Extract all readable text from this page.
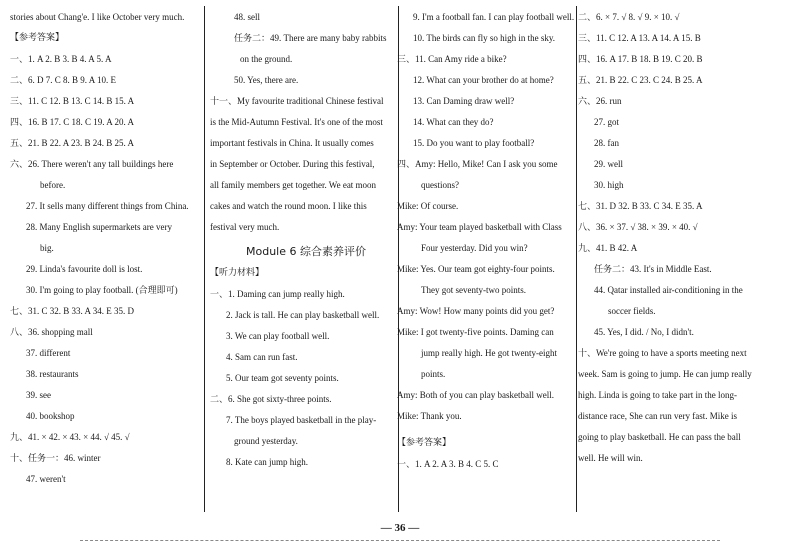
stories about Chang'e. I like October very much.
【参考答案】
一、1. A 2. B 3. B 4. A 5. A
二、6. D 7. C 8. B 9. A 10. E
三、11. C 12. B 13. C 14. B 15. A
四、16. B 17. C 18. C 19. A 20. A
五、21. B 22. A 23. B 24. B 25. A
六、26. There weren't any tall buildings here
before.
27. It sells many different things from China.
28. Many English supermarkets are very
big.
29. Linda's favourite doll is lost.
30. I'm going to play football. (合理即可)
七、31. C 32. B 33. A 34. E 35. D
八、36. shopping mall
37. different
38. restaurants
39. see
40. bookshop
九、41. × 42. × 43. × 44. √ 45. √
十、任务一：46. winter
47. weren't
48. sell
任务二：49. There are many baby rabbits
on the ground.
50. Yes, there are.
十一、My favourite traditional Chinese festival
is the Mid-Autumn Festival. It's one of the most
important festivals in China. It usually comes
in September or October. During this festival,
all family members get together. We eat moon
cakes and watch the round moon. I like this
festival very much.
Module 6 综合素养评价
【听力材料】
一、1. Daming can jump really high.
2. Jack is tall. He can play basketball well.
3. We can play football well.
4. Sam can run fast.
5. Our team got seventy points.
二、6. She got sixty-three points.
7. The boys played basketball in the play-
ground yesterday.
8. Kate can jump high.
9. I'm a football fan. I can play football well.
10. The birds can fly so high in the sky.
三、11. Can Amy ride a bike?
12. What can your brother do at home?
13. Can Daming draw well?
14. What can they do?
15. Do you want to play football?
四、Amy: Hello, Mike! Can I ask you some
questions?
Mike: Of course.
Amy: Your team played basketball with Class
Four yesterday. Did you win?
Mike: Yes. Our team got eighty-four points.
They got seventy-two points.
Amy: Wow! How many points did you get?
Mike: I got twenty-five points. Daming can
jump really high. He got twenty-eight
points.
Amy: Both of you can play basketball well.
Mike: Thank you.
【参考答案】
一、1. A 2. A 3. B 4. C 5. C
二、6. × 7. √ 8. √ 9. × 10. √
三、11. C 12. A 13. A 14. A 15. B
四、16. A 17. B 18. B 19. C 20. B
五、21. B 22. C 23. C 24. B 25. A
六、26. run
27. got
28. fan
29. well
30. high
七、31. D 32. B 33. C 34. E 35. A
八、36. × 37. √ 38. × 39. × 40. √
九、41. B 42. A
任务二：43. It's in Middle East.
44. Qatar installed air-conditioning in the
soccer fields.
45. Yes, I did. / No, I didn't.
十、We're going to have a sports meeting next
week. Sam is going to jump. He can jump really
high. Linda is going to take part in the long-
distance race, She can run very fast. Mike is
going to play basketball. He can pass the ball
well. He will win.
— 36 —
